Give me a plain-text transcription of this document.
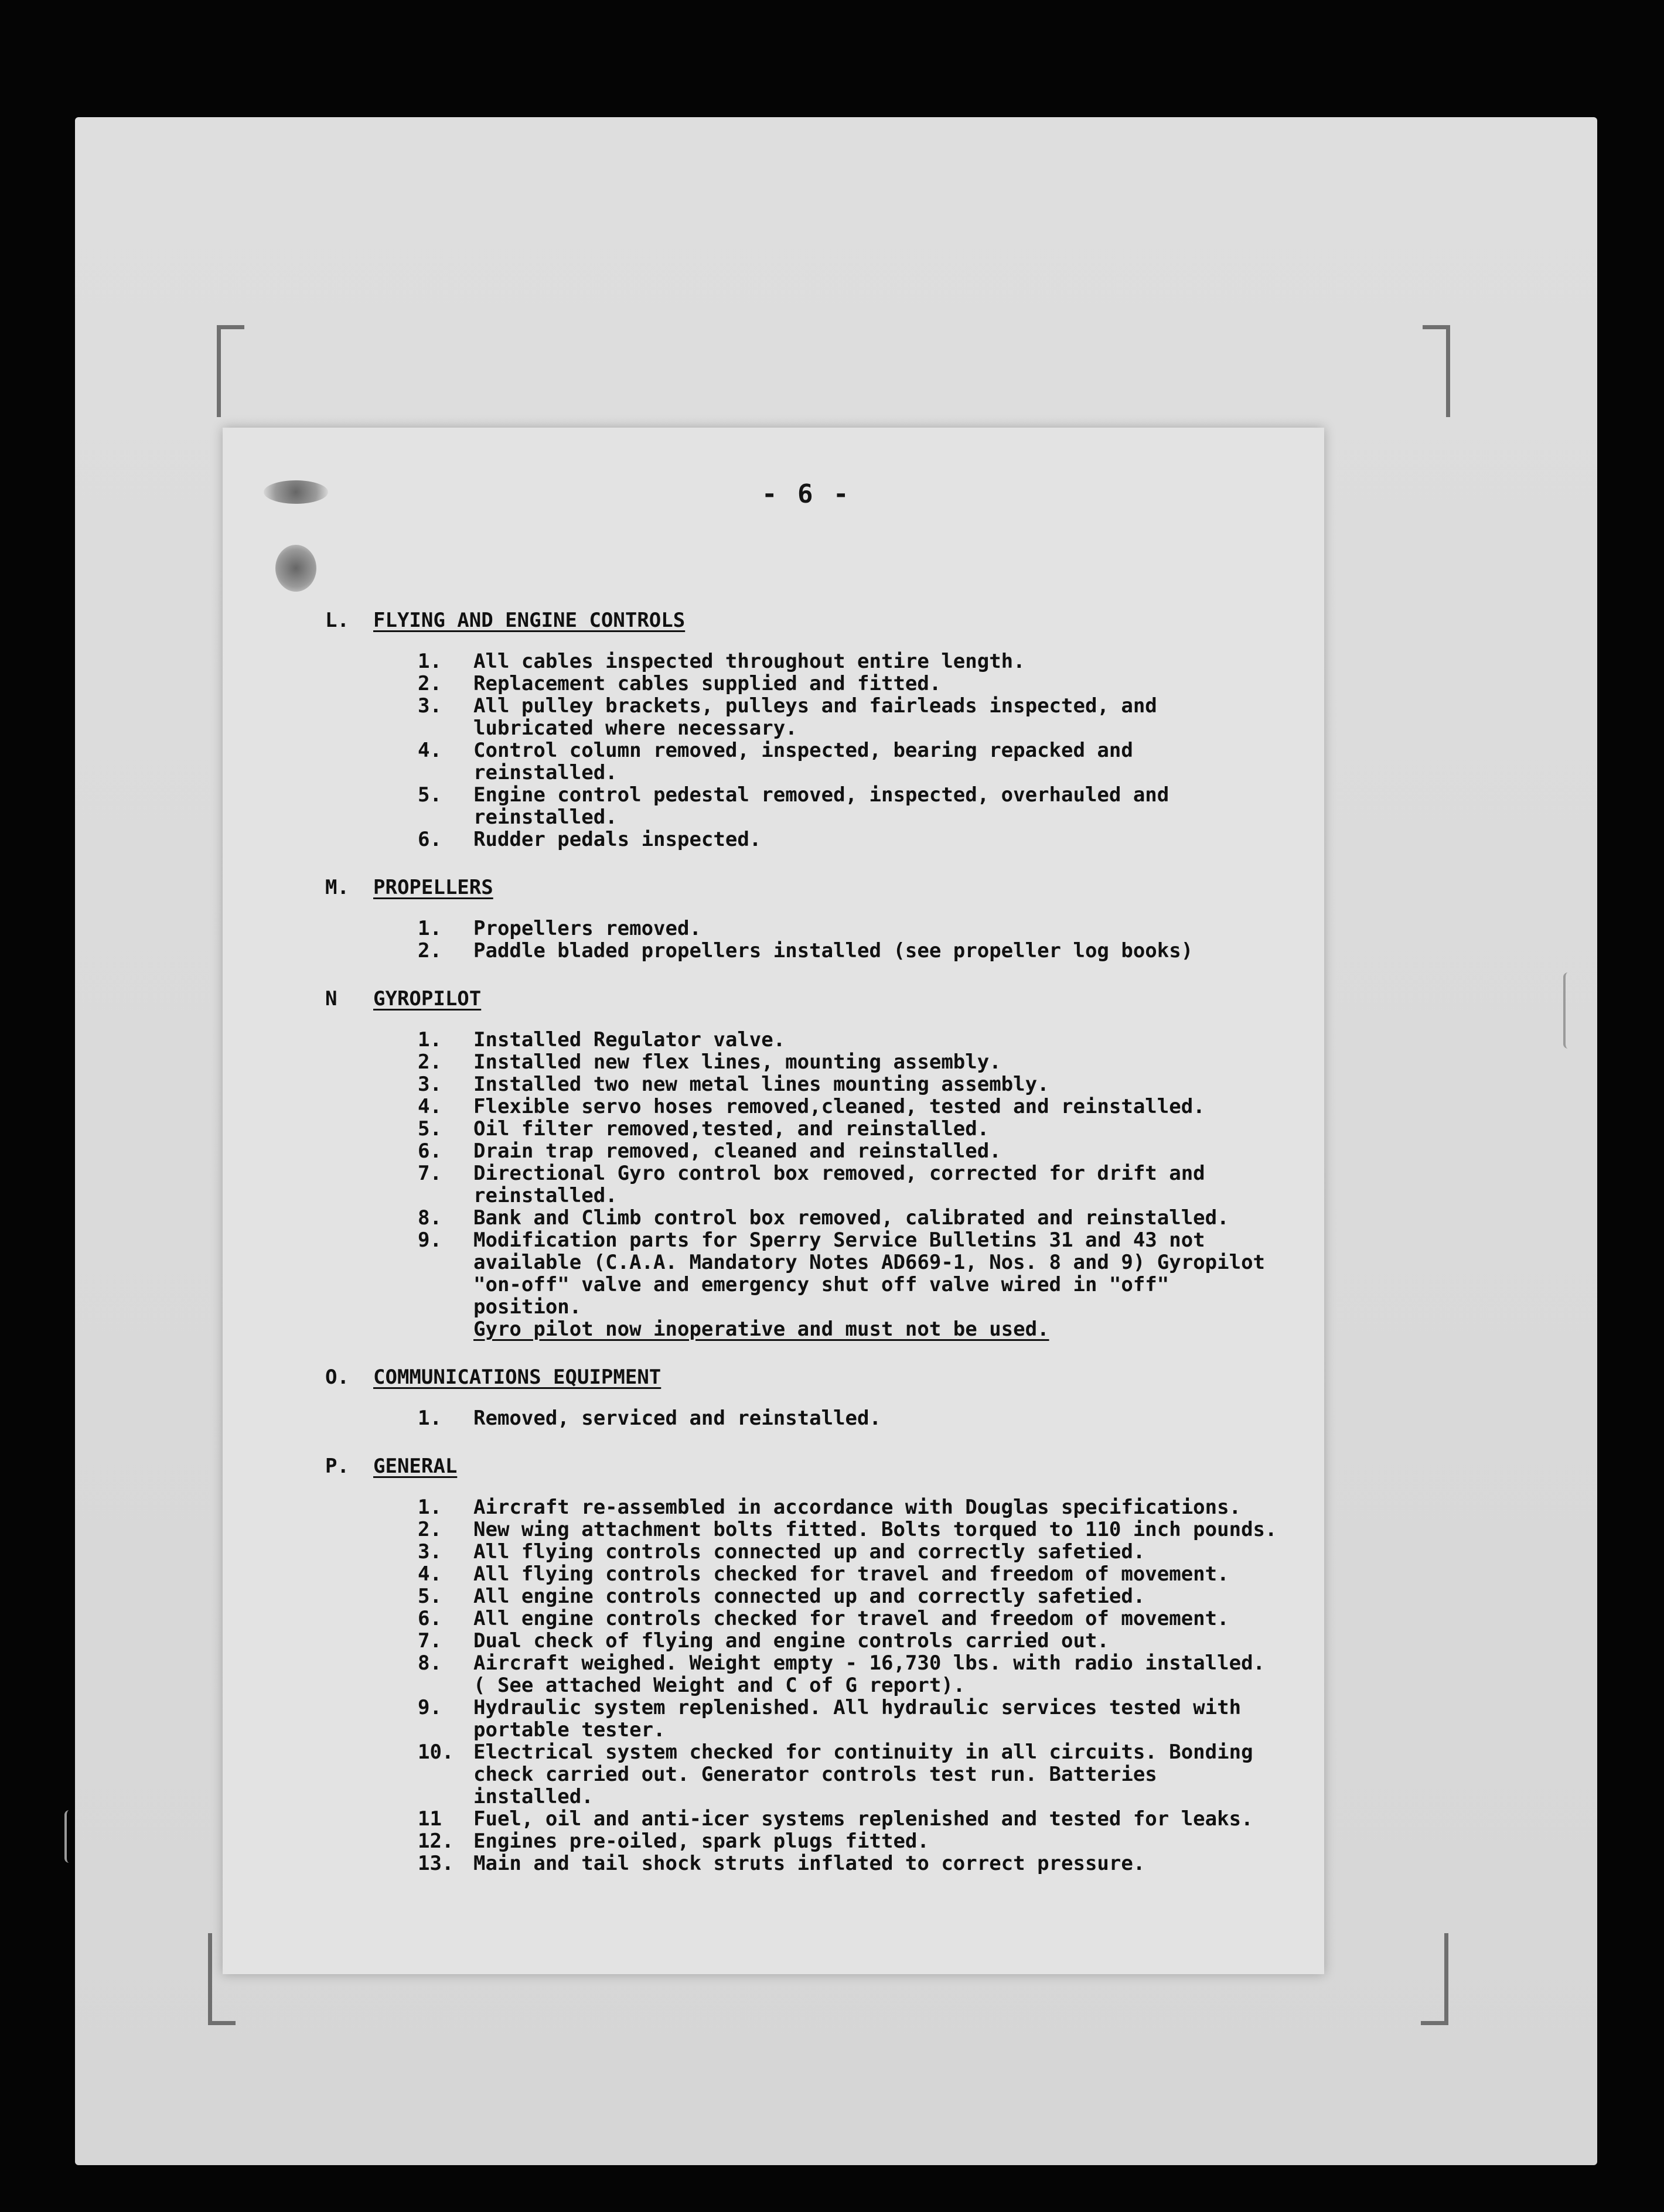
- 6 -
L.	FLYING AND ENGINE CONTROLS
1.	All cables inspected throughout entire length.
2.	Replacement cables supplied and fitted.
3.	All pulley brackets, pulleys and fairleads inspected, and
lubricated where necessary.
4.	Control column removed, inspected, bearing repacked and reinstalled.
5.	Engine control pedestal removed, inspected, overhauled and reinstalled.
6.	Rudder pedals inspected.
M.	PROPELLERS
1.	Propellers removed.
2.	Paddle bladed propellers installed (see propeller log books)
N	GYROPILOT
1.	Installed Regulator valve.
2.	Installed new flex lines, mounting assembly.
3.	Installed two new metal lines mounting assembly.
4.	Flexible servo hoses removed,cleaned, tested and reinstalled.
5.	Oil filter removed,tested, and reinstalled.
6.	Drain trap removed, cleaned and reinstalled.
7.	Directional Gyro control box removed, corrected for drift and
reinstalled.
8.	Bank and Climb control box removed, calibrated and reinstalled.
9.	Modification parts for Sperry Service Bulletins 31 and 43 not
available (C.A.A. Mandatory Notes AD669-1, Nos. 8 and 9) Gyropilot
"on-off" valve and emergency shut off valve wired in "off" position.
Gyro pilot now inoperative and must not be used.
O.	COMMUNICATIONS EQUIPMENT
1.	Removed, serviced and reinstalled.
P.	GENERAL
1.	Aircraft re-assembled in accordance with Douglas specifications.
2.	New wing attachment bolts fitted. Bolts torqued to 110 inch pounds.
3.	All flying controls connected up and correctly safetied.
4.	All flying controls checked for travel and freedom of movement.
5.	All engine controls connected up and correctly safetied.
6.	All engine controls checked for travel and freedom of movement.
7.	Dual check of flying and engine controls carried out.
8.	Aircraft weighed. Weight empty - 16,730 lbs. with radio installed.
( See attached Weight and C of G report).
9.	Hydraulic system replenished. All hydraulic services tested with
portable tester.
10. Electrical system checked for continuity in all circuits. Bonding
check carried out. Generator controls test run. Batteries installed.
11	Fuel, oil and anti-icer systems replenished and tested for leaks.
12. Engines pre-oiled, spark plugs fitted.
13. Main and tail shock struts inflated to correct pressure.
